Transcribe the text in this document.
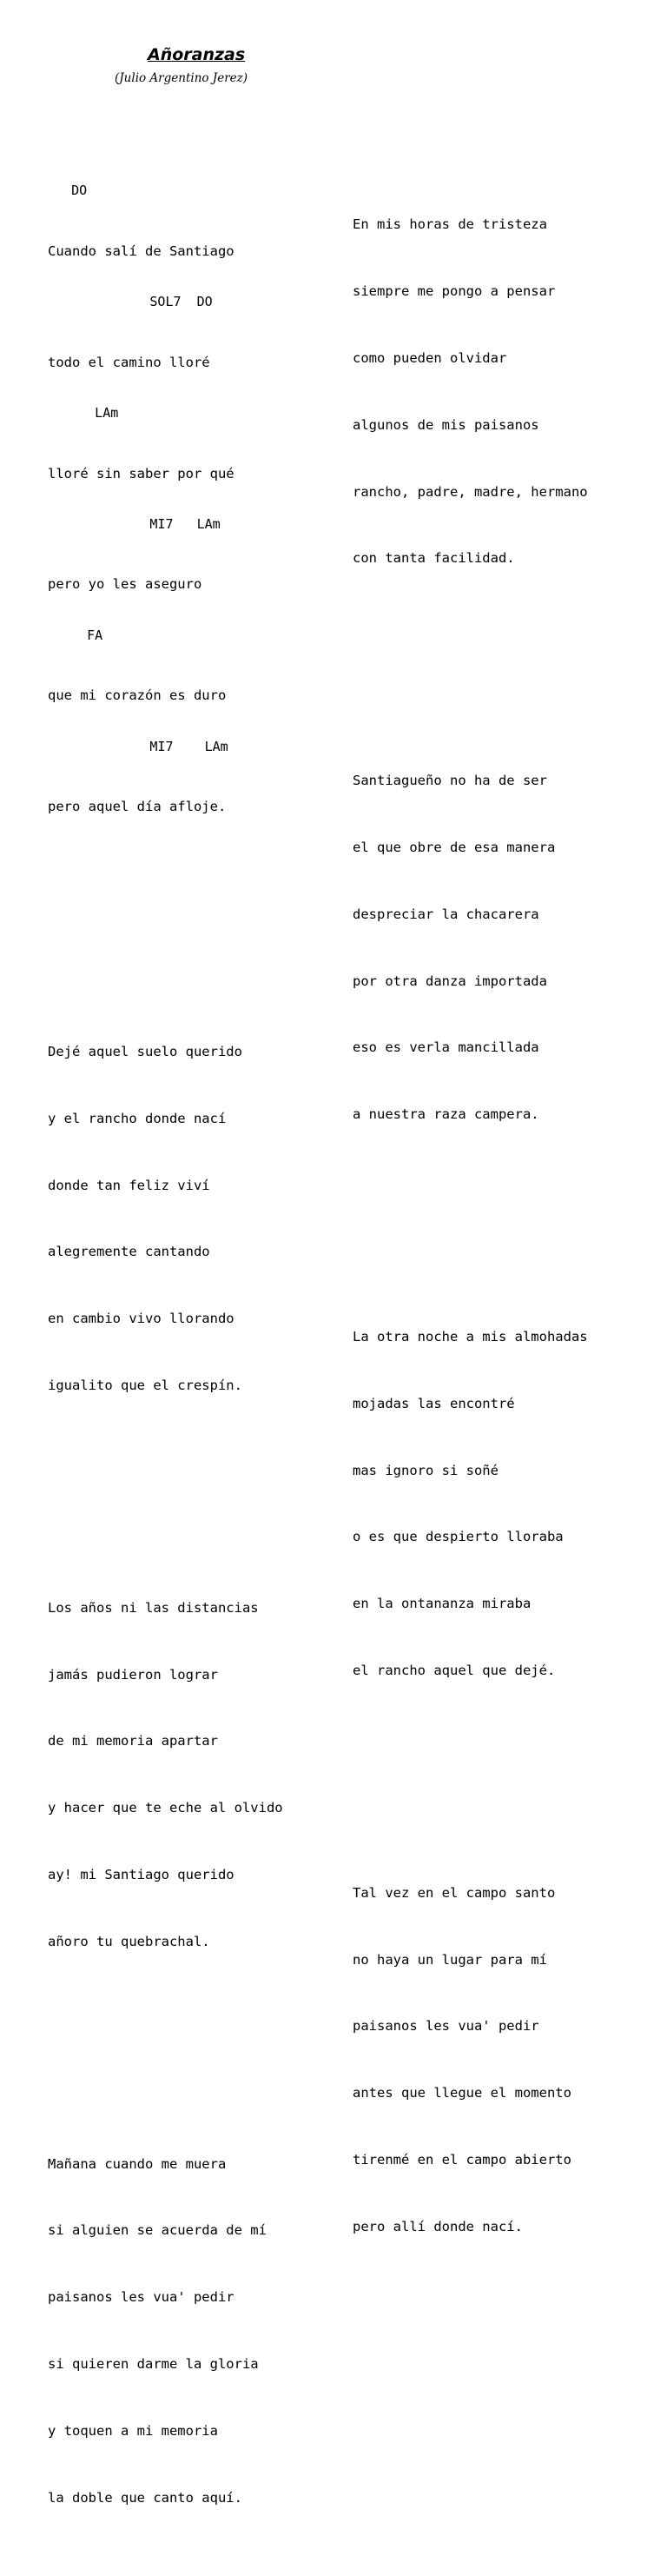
Añoranzas

(Julio Argentino Jerez)

DO

Cuando salí de Santiago

SOL7  DO

todo el camino lloré

LAm

lloré sin saber por qué

MI7   LAm

pero yo les aseguro

FA

que mi corazón es duro

MI7    LAm

pero aquel día afloje.

Dejé aquel suelo querido

y el rancho donde nací

donde tan feliz viví

alegremente cantando

en cambio vivo llorando

igualito que el crespín.

Los años ni las distancias

jamás pudieron lograr

de mi memoria apartar

y hacer que te eche al olvido

ay! mi Santiago querido

añoro tu quebrachal.

Mañana cuando me muera

si alguien se acuerda de mí

paisanos les vua' pedir

si quieren darme la gloria

y toquen a mi memoria

la doble que canto aquí.

En mis horas de tristeza

siempre me pongo a pensar

como pueden olvidar

algunos de mis paisanos

rancho, padre, madre, hermano

con tanta facilidad.

Santiagueño no ha de ser

el que obre de esa manera

despreciar la chacarera

por otra danza importada

eso es verla mancillada

a nuestra raza campera.

La otra noche a mis almohadas

mojadas las encontré

mas ignoro si soñé

o es que despierto lloraba

en la ontananza miraba

el rancho aquel que dejé.

Tal vez en el campo santo

no haya un lugar para mí

paisanos les vua' pedir

antes que llegue el momento

tirenmé en el campo abierto

pero allí donde nací.
